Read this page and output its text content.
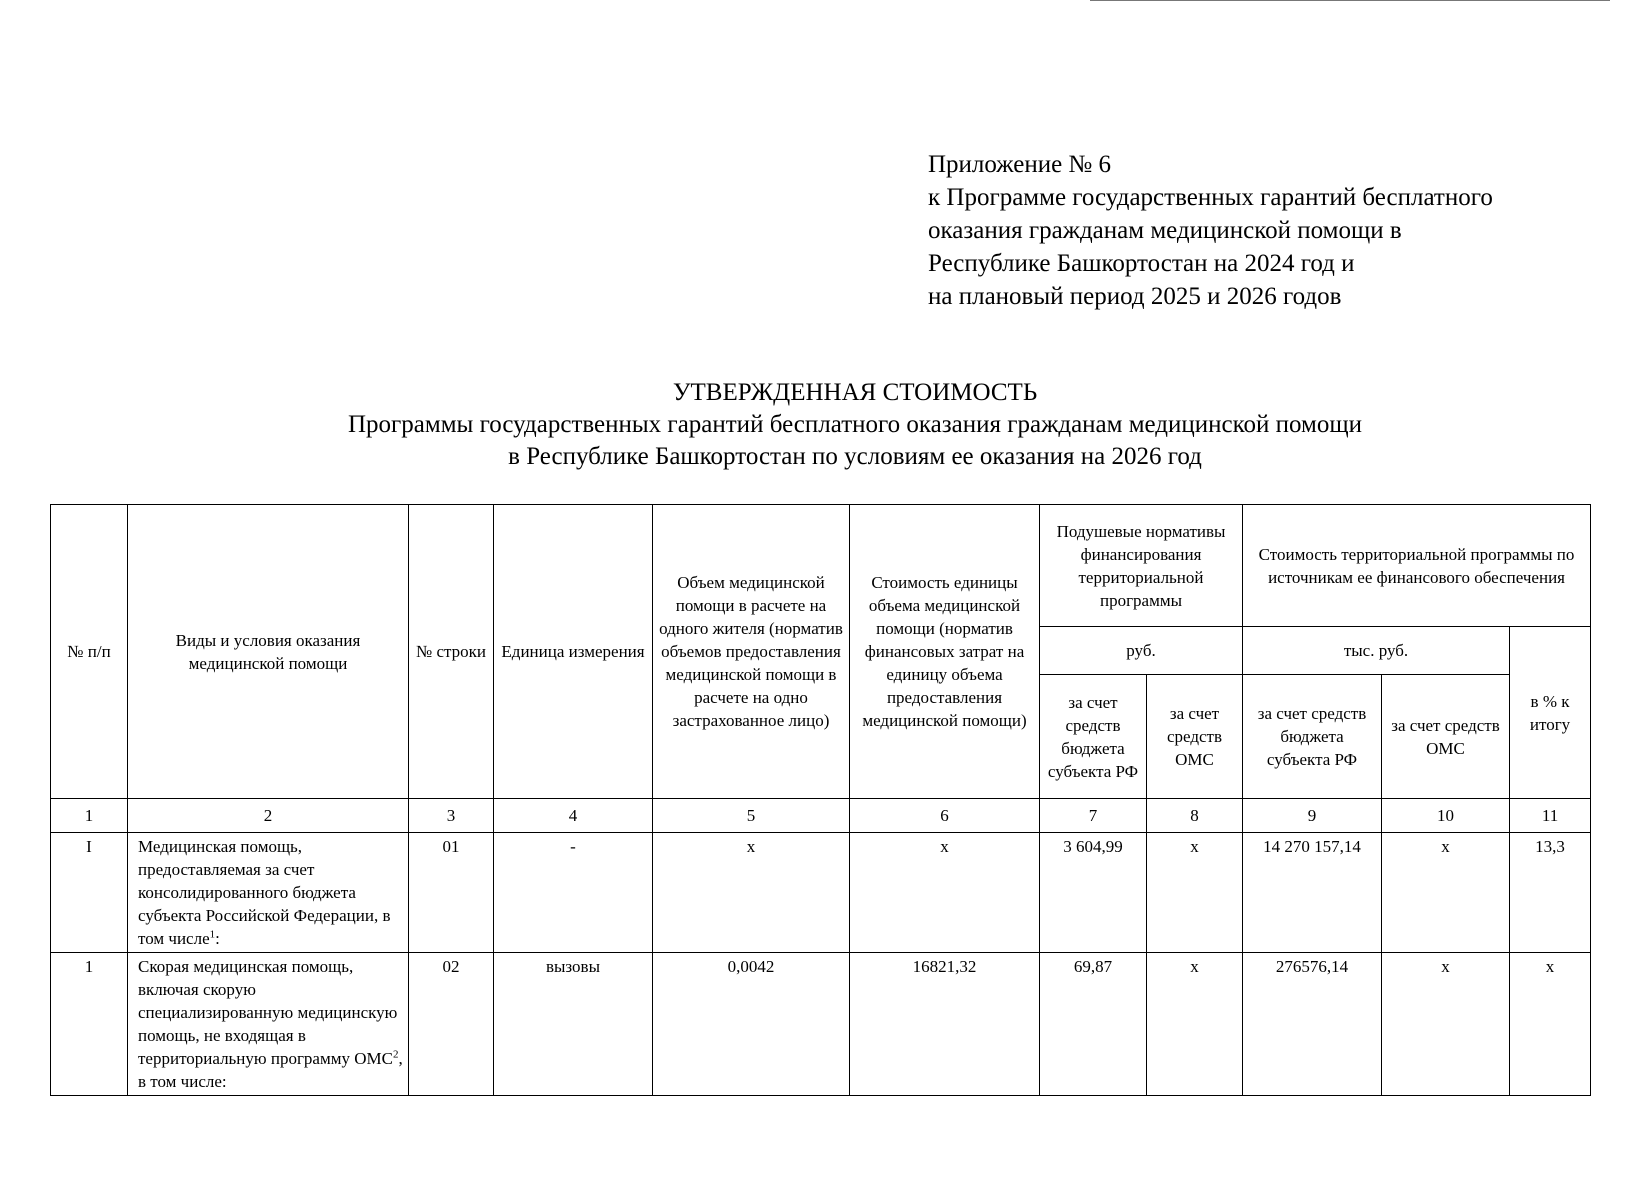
Приложение № 6
к Программе государственных гарантий бесплатного
оказания гражданам медицинской помощи в
Республике Башкортостан на 2024 год и
на плановый период 2025 и 2026 годов
УТВЕРЖДЕННАЯ СТОИМОСТЬ
Программы государственных гарантий бесплатного оказания гражданам медицинской помощи
в Республике Башкортостан по условиям ее оказания на 2026 год
№ п/п	Виды и условия оказания медицинской помощи	№ строки	Единица измерения	Объем медицинской помощи в расчете на одного жителя (норматив объемов предоставления медицинской помощи в расчете на одно застрахованное лицо)	Стоимость единицы объема медицинской помощи (норматив финансовых затрат на единицу объема предоставления медицинской помощи)	Подушевые нормативы финансирования территориальной программы		Стоимость территориальной программы по источникам ее финансового обеспечения		
						руб.		тыс. руб.		в % к итогу
						за счет средств бюджета субъекта РФ	за счет средств ОМС	за счет средств бюджета субъекта РФ	за счет средств ОМС	
1	2	3	4	5	6	7	8	9	10	11
I	Медицинская помощь, предоставляемая за счет консолидированного бюджета субъекта Российской Федерации, в том числе$^1$:	01	-	x	x	3 604,99	x	14 270 157,14	x	13,3
1	Скорая медицинская помощь, включая скорую специализированную медицинскую помощь, не входящая в территориальную программу ОМС$^2$, в том числе:	02	вызовы	0,0042	16821,32	69,87	x	276576,14	x	x
